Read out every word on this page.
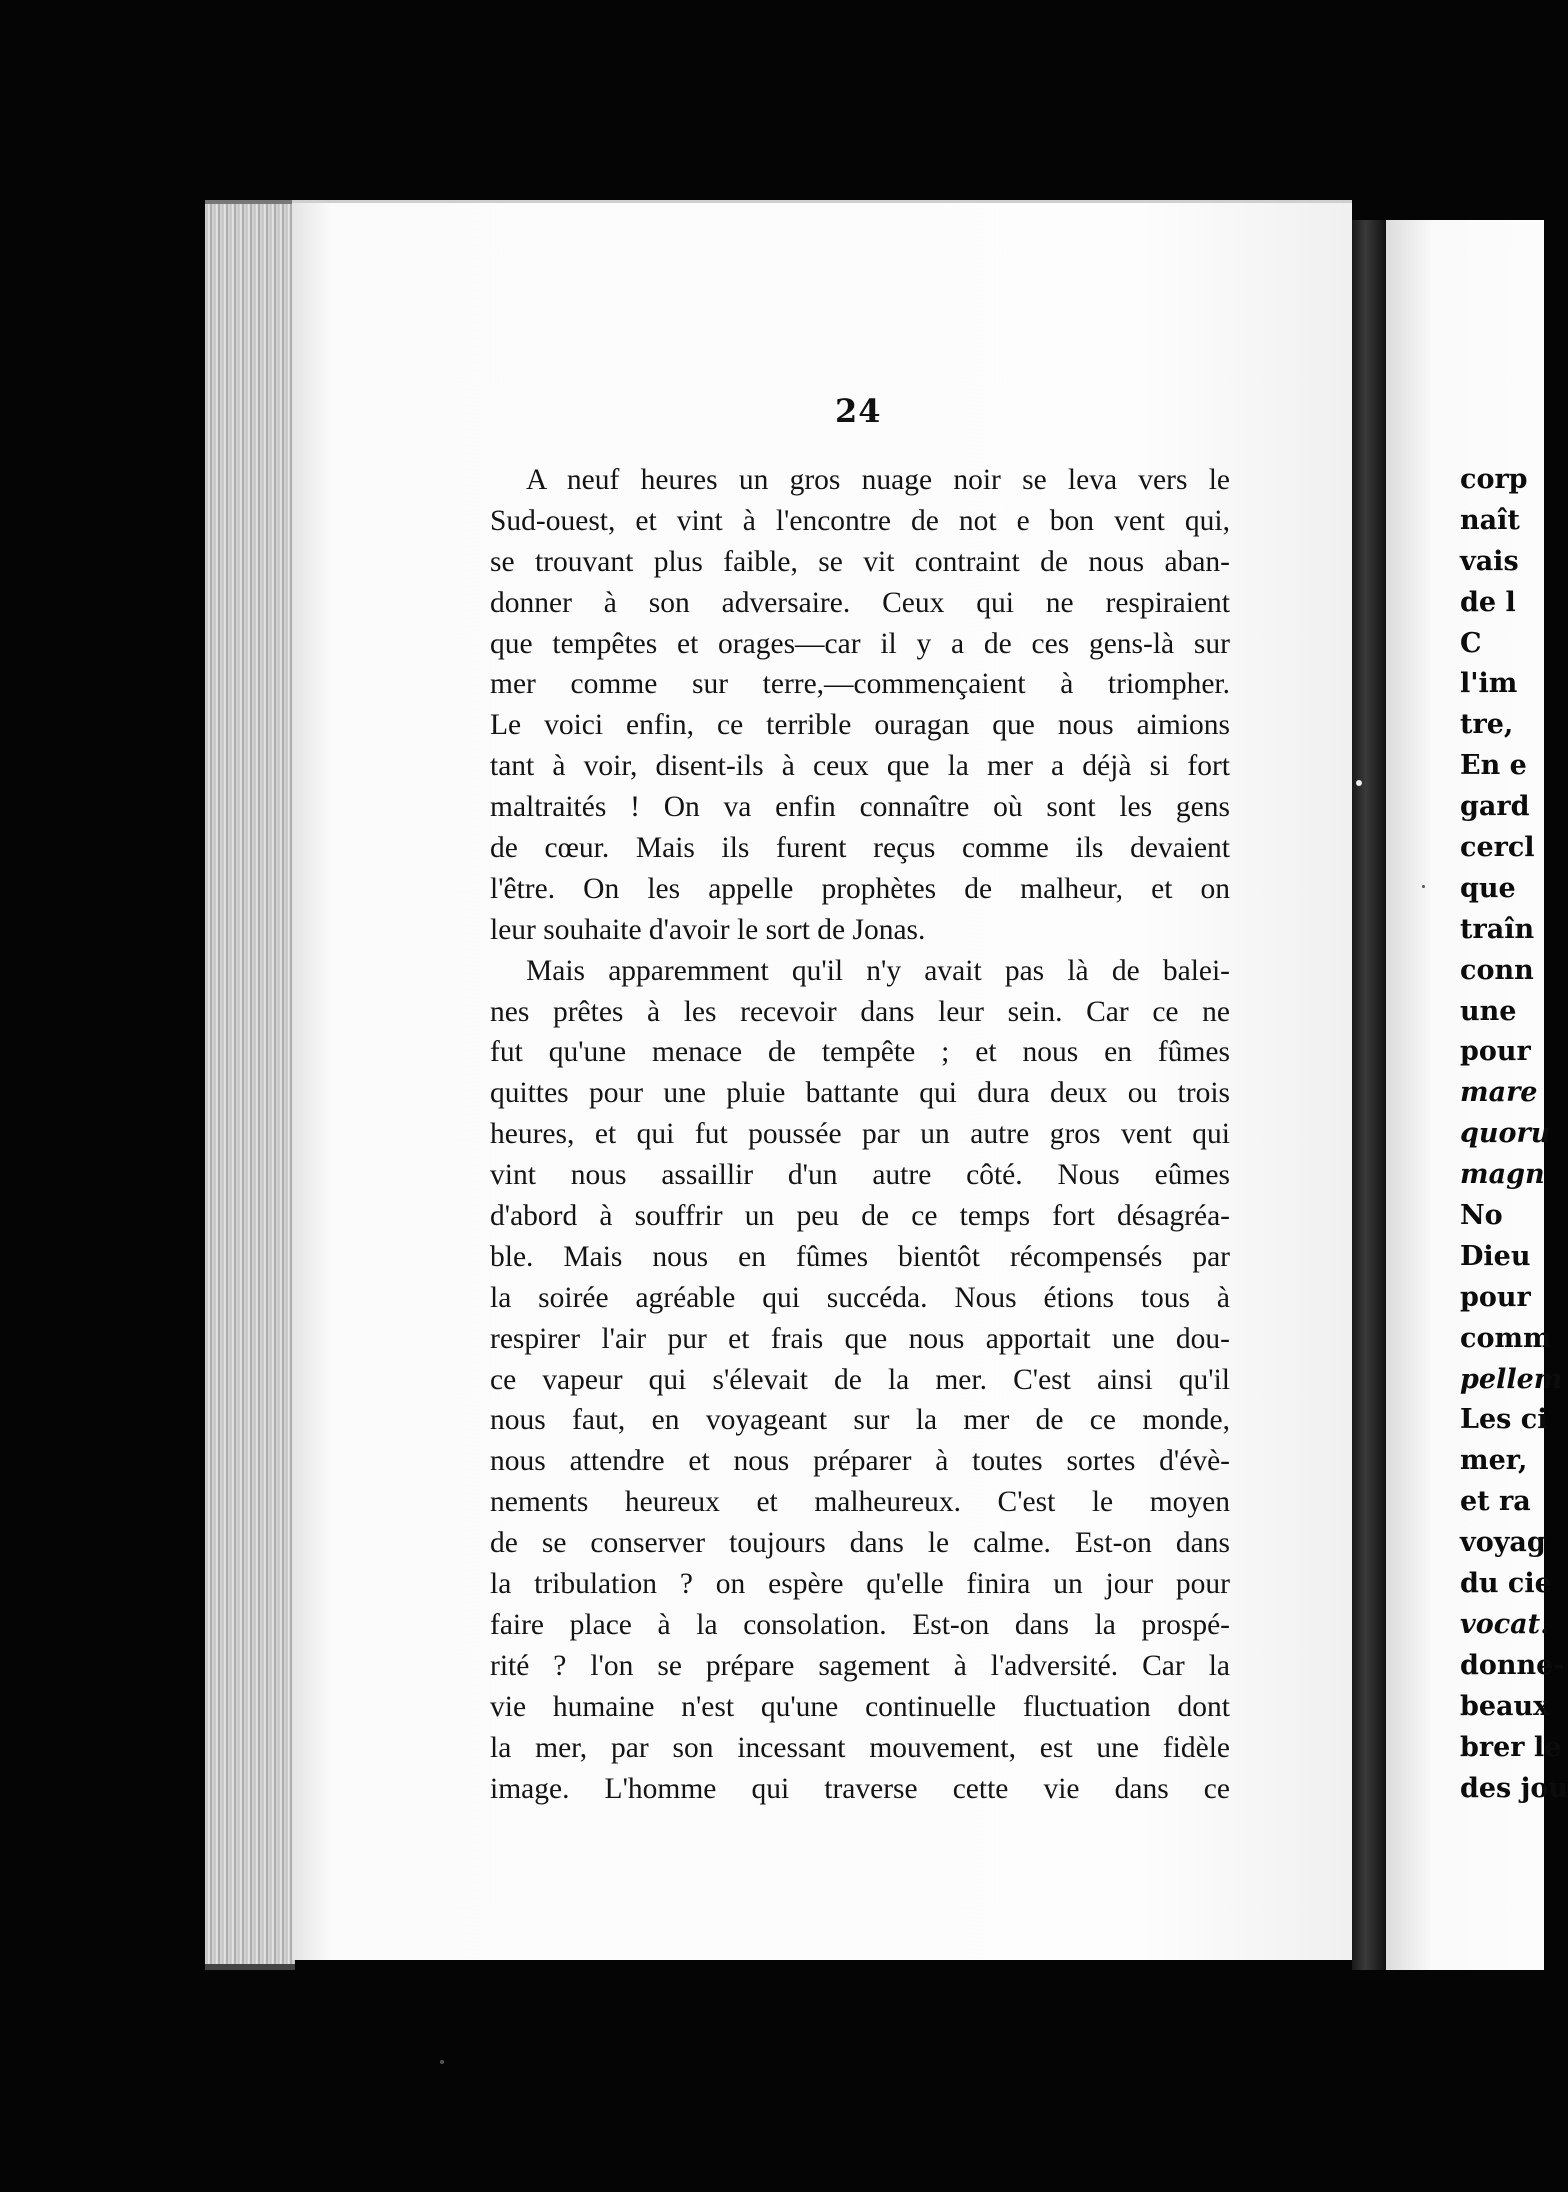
24
A neuf heures un gros nuage noir se leva vers le
Sud-ouest, et vint à l'encontre de not e bon vent qui,
se trouvant plus faible, se vit contraint de nous aban-
donner à son adversaire. Ceux qui ne respiraient
que tempêtes et orages—car il y a de ces gens-là sur
mer comme sur terre,—commençaient à triompher.
Le voici enfin, ce terrible ouragan que nous aimions
tant à voir, disent-ils à ceux que la mer a déjà si fort
maltraités ! On va enfin connaître où sont les gens
de cœur. Mais ils furent reçus comme ils devaient
l'être. On les appelle prophètes de malheur, et on
leur souhaite d'avoir le sort de Jonas.
Mais apparemment qu'il n'y avait pas là de balei-
nes prêtes à les recevoir dans leur sein. Car ce ne
fut qu'une menace de tempête ; et nous en fûmes
quittes pour une pluie battante qui dura deux ou trois
heures, et qui fut poussée par un autre gros vent qui
vint nous assaillir d'un autre côté. Nous eûmes
d'abord à souffrir un peu de ce temps fort désagréa-
ble. Mais nous en fûmes bientôt récompensés par
la soirée agréable qui succéda. Nous étions tous à
respirer l'air pur et frais que nous apportait une dou-
ce vapeur qui s'élevait de la mer. C'est ainsi qu'il
nous faut, en voyageant sur la mer de ce monde,
nous attendre et nous préparer à toutes sortes d'évè-
nements heureux et malheureux. C'est le moyen
de se conserver toujours dans le calme. Est-on dans
la tribulation ? on espère qu'elle finira un jour pour
faire place à la consolation. Est-on dans la prospé-
rité ? l'on se prépare sagement à l'adversité. Car la
vie humaine n'est qu'une continuelle fluctuation dont
la mer, par son incessant mouvement, est une fidèle
image. L'homme qui traverse cette vie dans ce
corp
naît
vais
de l
C
l'im
tre,
En e
gard
cercl
que
traîn
conn
une
pour
mare
quoru
magn
No
Dieu
pour
comm
pellem
Les ci
mer,
et ra
voyag
du cie
vocat.
donne-
beaux
brer le
des jou
